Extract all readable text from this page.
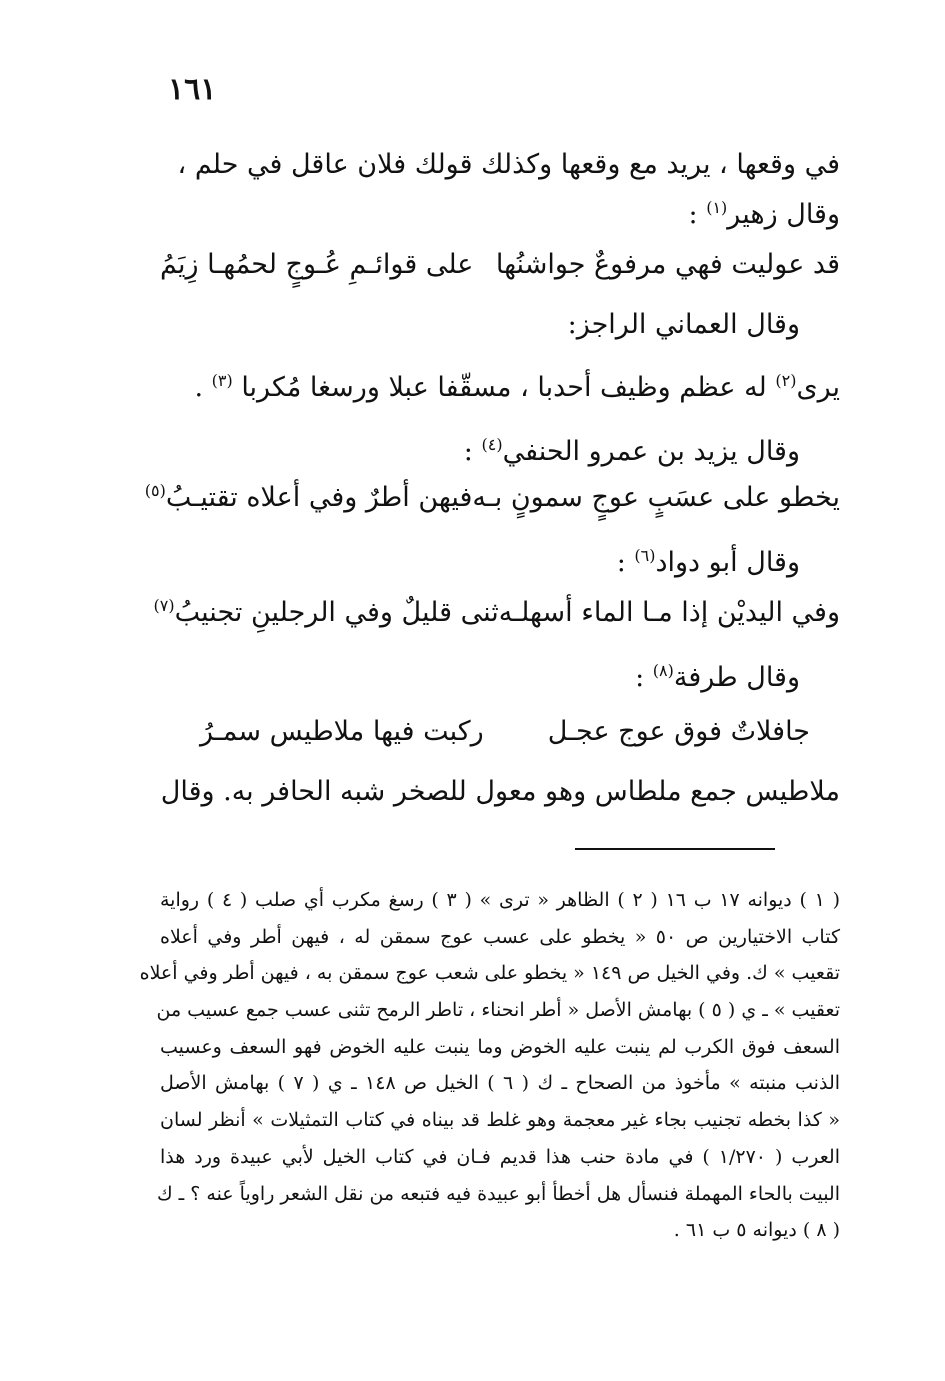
١٦١
في وقعها ، يريد مع وقعها وكذلك قولك فلان عاقل في حلم ،
وقال زهير$^{(١)}$ :
قد عوليت فهي مرفوعٌ جواشنُها
على قوائـمِ عُـوجٍ لحمُهـا زِيَمُ
وقال العماني الراجز:
يرى$^{(٢)}$ له عظم وظيف أحدبا ، مسقّفا عبلا ورسغا مُكربا $^{(٣)}$ .
وقال يزيد بن عمرو الحنفي$^{(٤)}$ :
يخطو على عسَبٍ عوجٍ سمونٍ بـه
فيهن أطرٌ وفي أعلاه تقتيـبُ$^{(٥)}$
وقال أبو دواد$^{(٦)}$ :
وفي اليديْن إذا مـا الماء أسهلـه
ثنى قليلٌ وفي الرجلينِ تجنيبُ$^{(٧)}$
وقال طرفة$^{(٨)}$ :
جافلاتٌ فوق عوج عجـل
ركبت فيها ملاطيس سمـرُ
ملاطيس جمع ملطاس وهو معول للصخر شبه الحافر به. وقال
( ١ ) ديوانه ١٧ ب ١٦ ( ٢ ) الظاهر « ترى » ( ٣ ) رسغ مكرب أي صلب ( ٤ ) رواية
كتاب الاختيارين ص ٥٠ « يخطو على عسب عوج سمقن له ، فيهن أطر وفي أعلاه
تقعيب » ك. وفي الخيل ص ١٤٩ « يخطو على شعب عوج سمقن به ، فيهن أطر وفي أعلاه
تعقيب » ـ ي ( ٥ ) بهامش الأصل « أطر انحناء ، تاطر الرمح تثنى عسب جمع عسيب من
السعف فوق الكرب لم ينبت عليه الخوض وما ينبت عليه الخوض فهو السعف وعسيب
الذنب منبته » مأخوذ من الصحاح ـ ك ( ٦ ) الخيل ص ١٤٨ ـ ي ( ٧ ) بهامش الأصل
« كذا بخطه تجنيب بجاء غير معجمة وهو غلط قد بيناه في كتاب التمثيلات » أنظر لسان
العرب ( ١/٢٧٠ ) في مادة حنب هذا قديم فـان في كتاب الخيل لأبي عبيدة ورد هذا
البيت بالحاء المهملة فنسأل هل أخطأ أبو عبيدة فيه فتبعه من نقل الشعر راوياً عنه ؟ ـ ك
( ٨ ) ديوانه ٥ ب ٦١ .
